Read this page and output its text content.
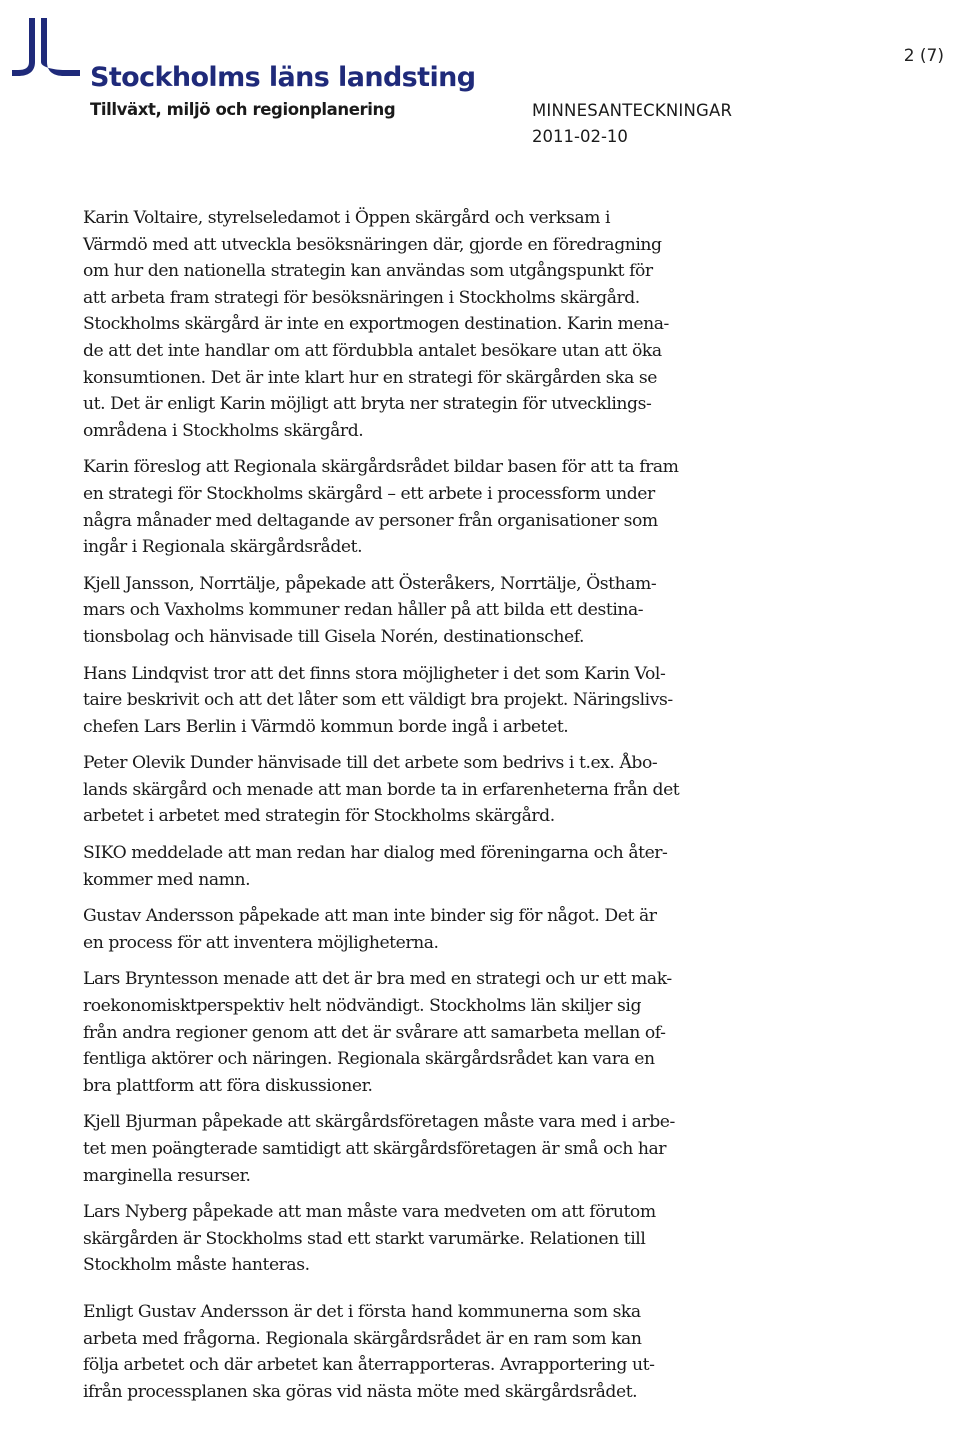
Stockholms läns landsting
Tillväxt, miljö och regionplanering
2 (7)
MINNESANTECKNINGAR
2011-02-10

Karin Voltaire, styrelseledamot i Öppen skärgård och verksam i
Värmdö med att utveckla besöksnäringen där, gjorde en föredragning
om hur den nationella strategin kan användas som utgångspunkt för
att arbeta fram strategi för besöksnäringen i Stockholms skärgård.
Stockholms skärgård är inte en exportmogen destination. Karin mena-
de att det inte handlar om att fördubbla antalet besökare utan att öka
konsumtionen. Det är inte klart hur en strategi för skärgården ska se
ut. Det är enligt Karin möjligt att bryta ner strategin för utvecklings-
områdena i Stockholms skärgård.

Karin föreslog att Regionala skärgårdsrådet bildar basen för att ta fram
en strategi för Stockholms skärgård – ett arbete i processform under
några månader med deltagande av personer från organisationer som
ingår i Regionala skärgårdsrådet.

Kjell Jansson, Norrtälje, påpekade att Österåkers, Norrtälje, Östham-
mars och Vaxholms kommuner redan håller på att bilda ett destina-
tionsbolag och hänvisade till Gisela Norén, destinationschef.

Hans Lindqvist tror att det finns stora möjligheter i det som Karin Vol-
taire beskrivit och att det låter som ett väldigt bra projekt. Näringslivs-
chefen Lars Berlin i Värmdö kommun borde ingå i arbetet.

Peter Olevik Dunder hänvisade till det arbete som bedrivs i t.ex. Åbo-
lands skärgård och menade att man borde ta in erfarenheterna från det
arbetet i arbetet med strategin för Stockholms skärgård.

SIKO meddelade att man redan har dialog med föreningarna och åter-
kommer med namn.

Gustav Andersson påpekade att man inte binder sig för något. Det är
en process för att inventera möjligheterna.

Lars Bryntesson menade att det är bra med en strategi och ur ett mak-
roekonomisktperspektiv helt nödvändigt. Stockholms län skiljer sig
från andra regioner genom att det är svårare att samarbeta mellan of-
fentliga aktörer och näringen. Regionala skärgårdsrådet kan vara en
bra plattform att föra diskussioner.

Kjell Bjurman påpekade att skärgårdsföretagen måste vara med i arbe-
tet men poängterade samtidigt att skärgårdsföretagen är små och har
marginella resurser.

Lars Nyberg påpekade att man måste vara medveten om att förutom
skärgården är Stockholms stad ett starkt varumärke. Relationen till
Stockholm måste hanteras.

Enligt Gustav Andersson är det i första hand kommunerna som ska
arbeta med frågorna. Regionala skärgårdsrådet är en ram som kan
följa arbetet och där arbetet kan återrapporteras. Avrapportering ut-
ifrån processplanen ska göras vid nästa möte med skärgårdsrådet.
